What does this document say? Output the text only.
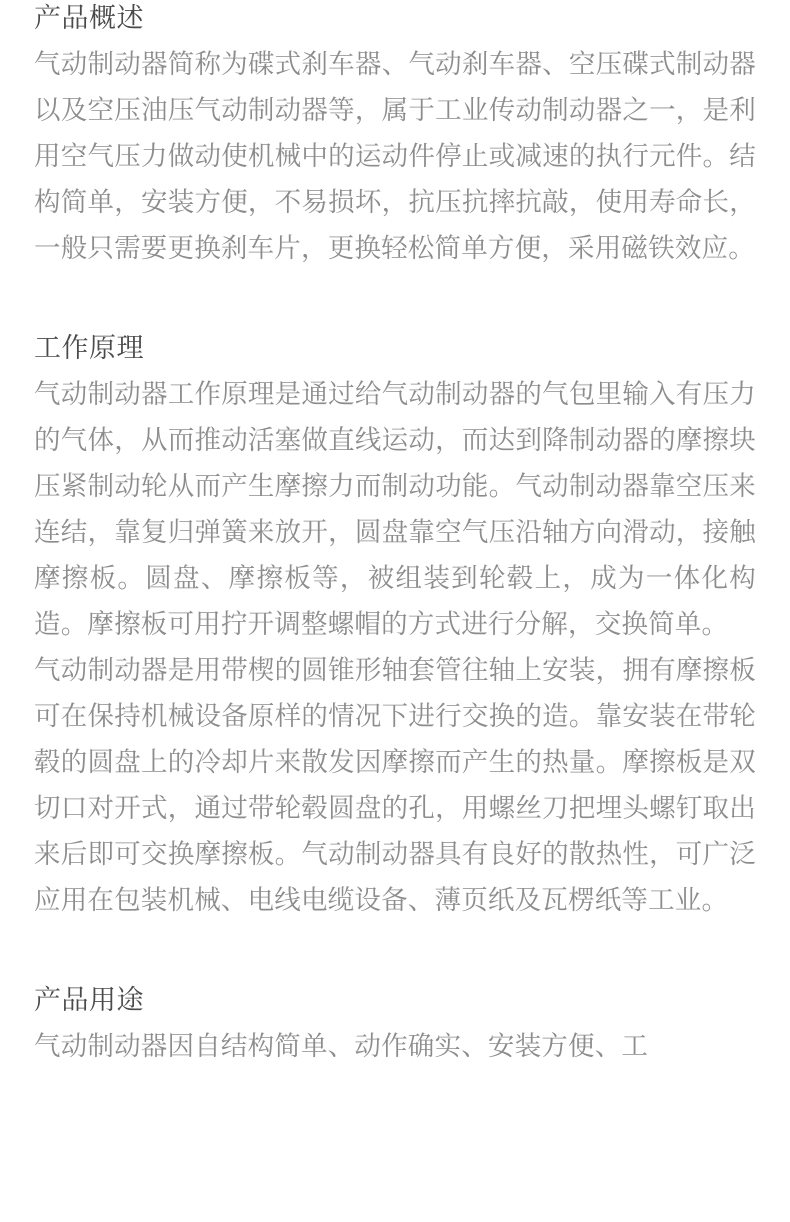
产品概述

气动制动器简称为碟式刹车器、气动刹车器、空压碟式制动器以及空压油压气动制动器等，属于工业传动制动器之一，是利用空气压力做动使机械中的运动件停止或减速的执行元件。结构简单，安装方便，不易损坏，抗压抗摔抗敲，使用寿命长，一般只需要更换刹车片，更换轻松简单方便，采用磁铁效应。

工作原理

气动制动器工作原理是通过给气动制动器的气包里输入有压力的气体，从而推动活塞做直线运动，而达到降制动器的摩擦块压紧制动轮从而产生摩擦力而制动功能。气动制动器靠空压来连结，靠复归弹簧来放开，圆盘靠空气压沿轴方向滑动，接触摩擦板。圆盘、摩擦板等，被组装到轮毂上，成为一体化构造。摩擦板可用拧开调整螺帽的方式进行分解，交换简单。

气动制动器是用带楔的圆锥形轴套管往轴上安装，拥有摩擦板可在保持机械设备原样的情况下进行交换的造。靠安装在带轮毂的圆盘上的冷却片来散发因摩擦而产生的热量。摩擦板是双切口对开式，通过带轮毂圆盘的孔，用螺丝刀把埋头螺钉取出来后即可交换摩擦板。气动制动器具有良好的散热性，可广泛应用在包装机械、电线电缆设备、薄页纸及瓦楞纸等工业。

产品用途

气动制动器因自结构简单、动作确实、安装方便、工
